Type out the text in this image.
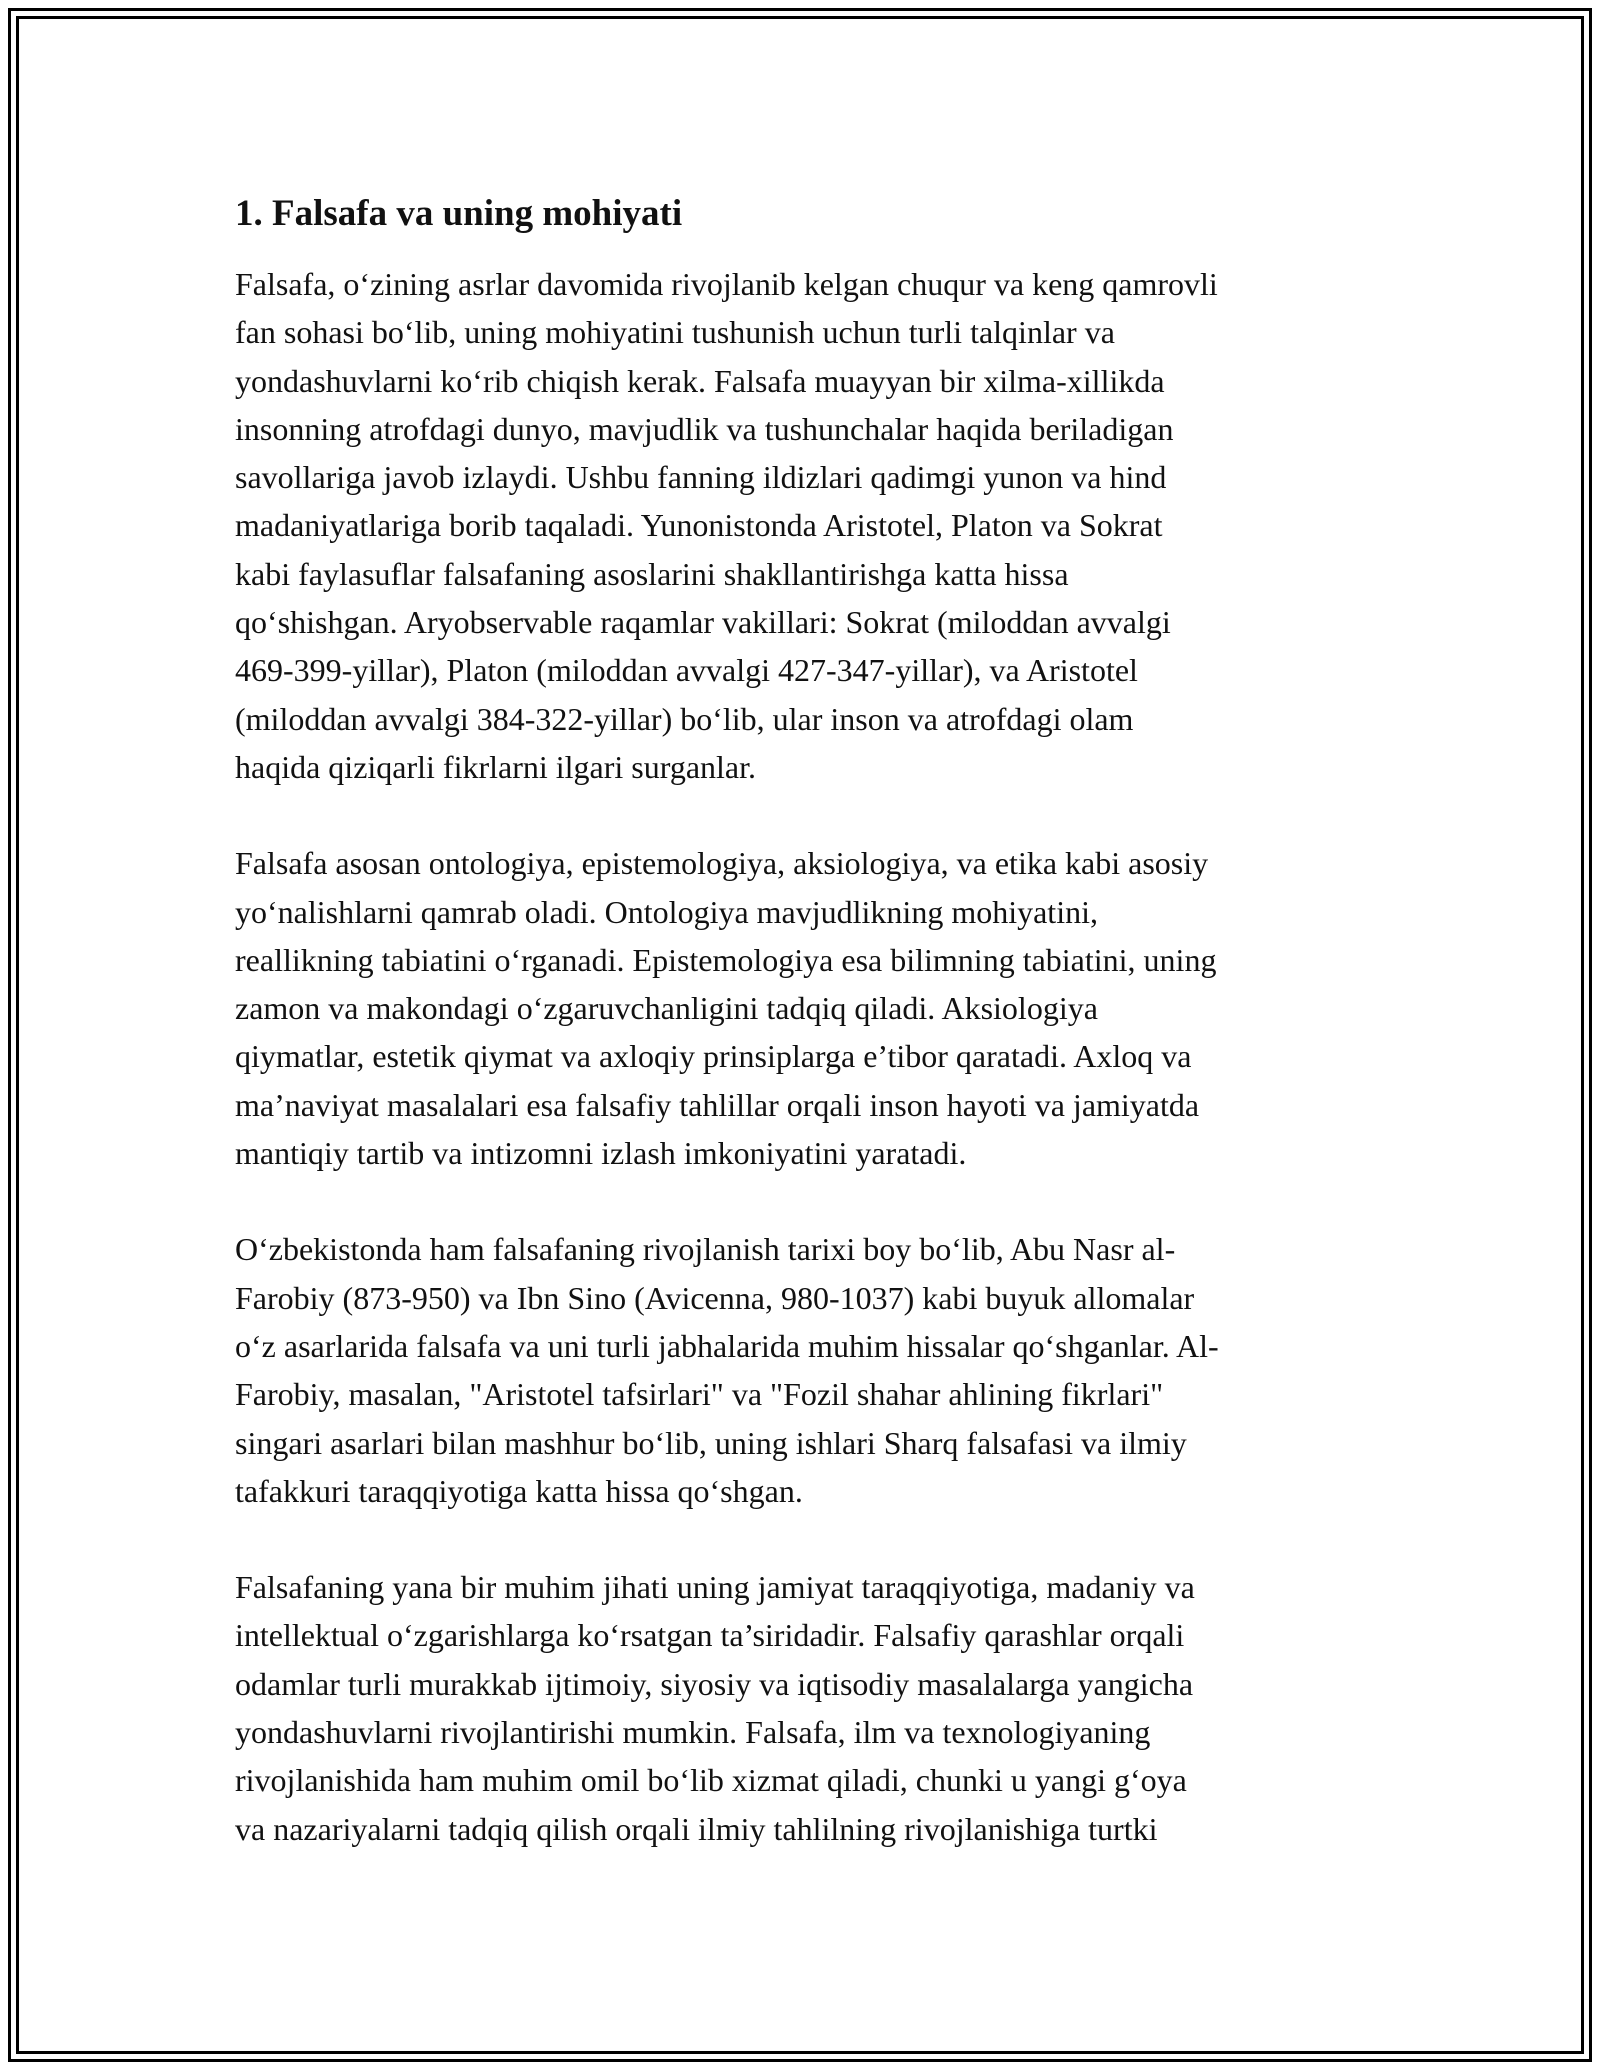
1. Falsafa va uning mohiyati
Falsafa, o‘zining asrlar davomida rivojlanib kelgan chuqur va keng qamrovli
fan sohasi bo‘lib, uning mohiyatini tushunish uchun turli talqinlar va
yondashuvlarni ko‘rib chiqish kerak. Falsafa muayyan bir xilma-xillikda
insonning atrofdagi dunyo, mavjudlik va tushunchalar haqida beriladigan
savollariga javob izlaydi. Ushbu fanning ildizlari qadimgi yunon va hind
madaniyatlariga borib taqaladi. Yunonistonda Aristotel, Platon va Sokrat
kabi faylasuflar falsafaning asoslarini shakllantirishga katta hissa
qo‘shishgan. Aryobservable raqamlar vakillari: Sokrat (miloddan avvalgi
469-399-yillar), Platon (miloddan avvalgi 427-347-yillar), va Aristotel
(miloddan avvalgi 384-322-yillar) bo‘lib, ular inson va atrofdagi olam
haqida qiziqarli fikrlarni ilgari surganlar.
Falsafa asosan ontologiya, epistemologiya, aksiologiya, va etika kabi asosiy
yo‘nalishlarni qamrab oladi. Ontologiya mavjudlikning mohiyatini,
reallikning tabiatini o‘rganadi. Epistemologiya esa bilimning tabiatini, uning
zamon va makondagi o‘zgaruvchanligini tadqiq qiladi. Aksiologiya
qiymatlar, estetik qiymat va axloqiy prinsiplarga e’tibor qaratadi. Axloq va
ma’naviyat masalalari esa falsafiy tahlillar orqali inson hayoti va jamiyatda
mantiqiy tartib va intizomni izlash imkoniyatini yaratadi.
O‘zbekistonda ham falsafaning rivojlanish tarixi boy bo‘lib, Abu Nasr al-
Farobiy (873-950) va Ibn Sino (Avicenna, 980-1037) kabi buyuk allomalar
o‘z asarlarida falsafa va uni turli jabhalarida muhim hissalar qo‘shganlar. Al-
Farobiy, masalan, "Aristotel tafsirlari" va "Fozil shahar ahlining fikrlari"
singari asarlari bilan mashhur bo‘lib, uning ishlari Sharq falsafasi va ilmiy
tafakkuri taraqqiyotiga katta hissa qo‘shgan.
Falsafaning yana bir muhim jihati uning jamiyat taraqqiyotiga, madaniy va
intellektual o‘zgarishlarga ko‘rsatgan ta’siridadir. Falsafiy qarashlar orqali
odamlar turli murakkab ijtimoiy, siyosiy va iqtisodiy masalalarga yangicha
yondashuvlarni rivojlantirishi mumkin. Falsafa, ilm va texnologiyaning
rivojlanishida ham muhim omil bo‘lib xizmat qiladi, chunki u yangi g‘oya
va nazariyalarni tadqiq qilish orqali ilmiy tahlilning rivojlanishiga turtki
